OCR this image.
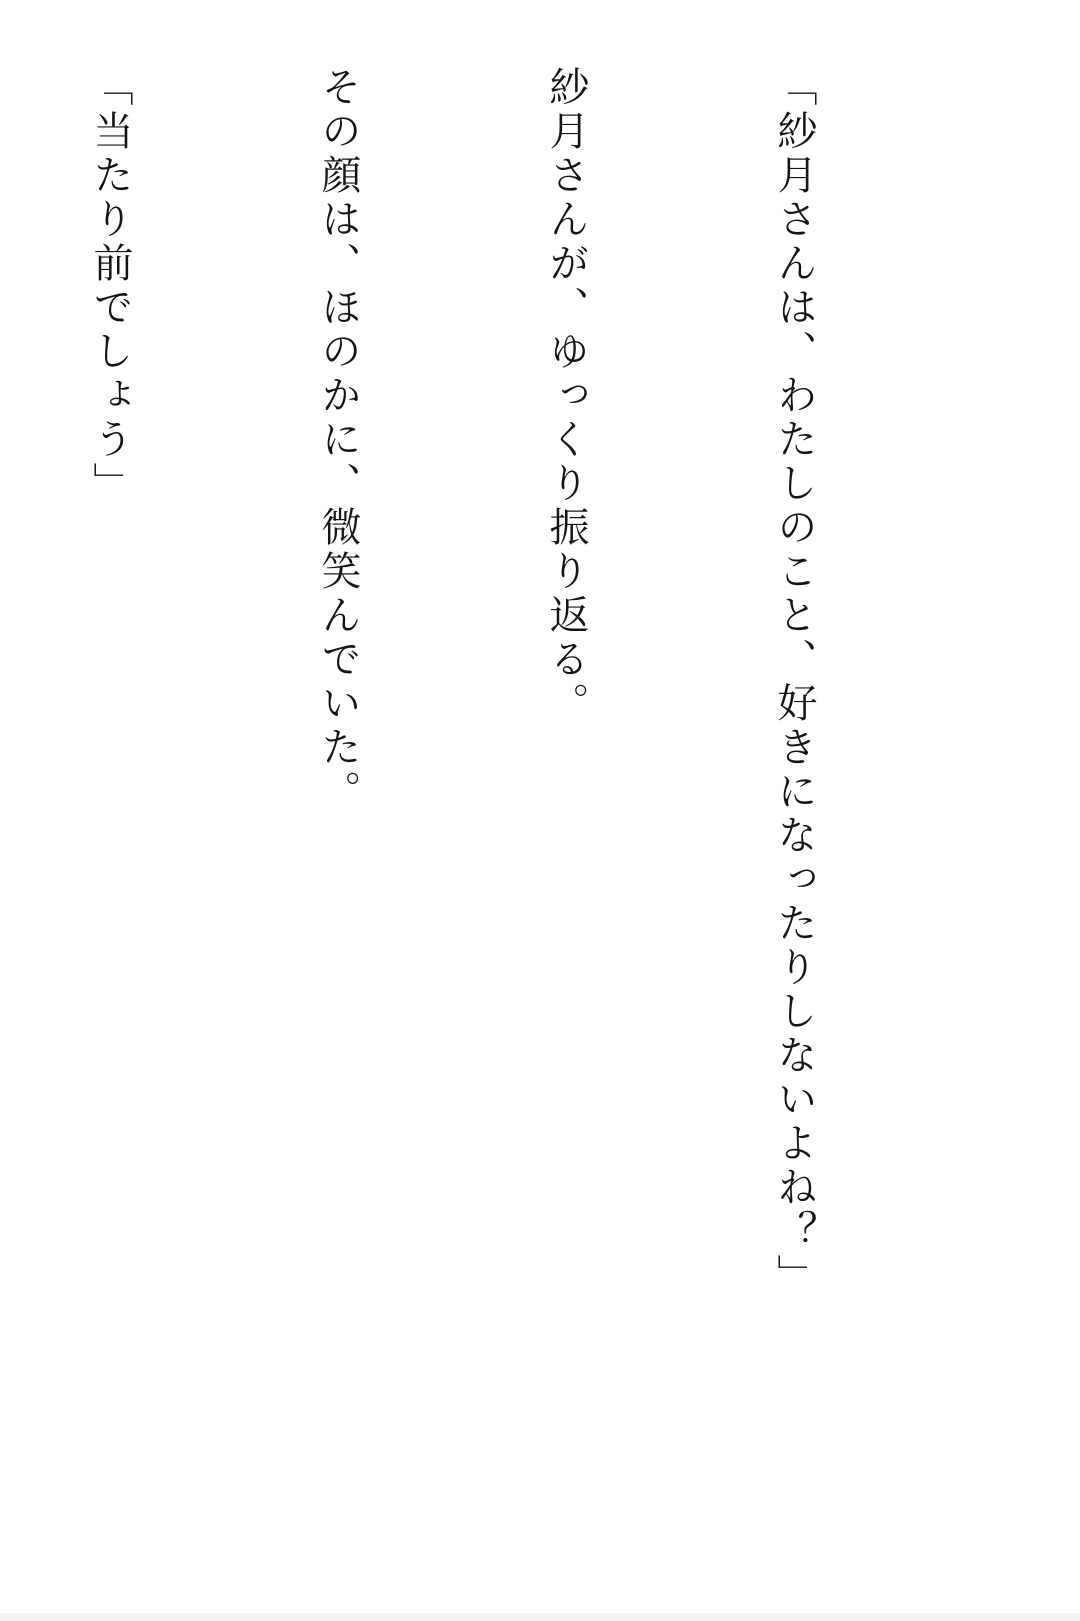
「紗月さんは、わたしのこと、好きになったりしないよね？」

紗月さんが、ゆっくり振り返る。

その顔は、ほのかに、微笑んでいた。

「当たり前でしょう」
